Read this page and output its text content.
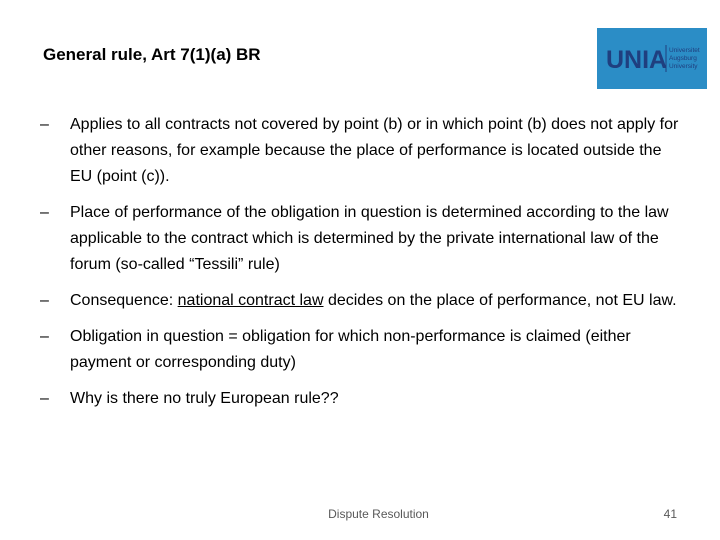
General rule, Art 7(1)(a) BR	UNIA Universitet
Augsburg
University
–	Applies to all contracts not covered by point (b) or in which point (b) does not apply for other reasons, for example because the place of performance is located outside the EU (point (c)).
–	Place of performance of the obligation in question is determined according to the law applicable to the contract which is determined by the private international law of the forum (so-called “Tessili” rule)
–	Consequence: national contract law decides on the place of performance, not EU law.
–	Obligation in question = obligation for which non-performance is claimed (either payment or corresponding duty)
–	Why is there no truly European rule??
Dispute Resolution	41
